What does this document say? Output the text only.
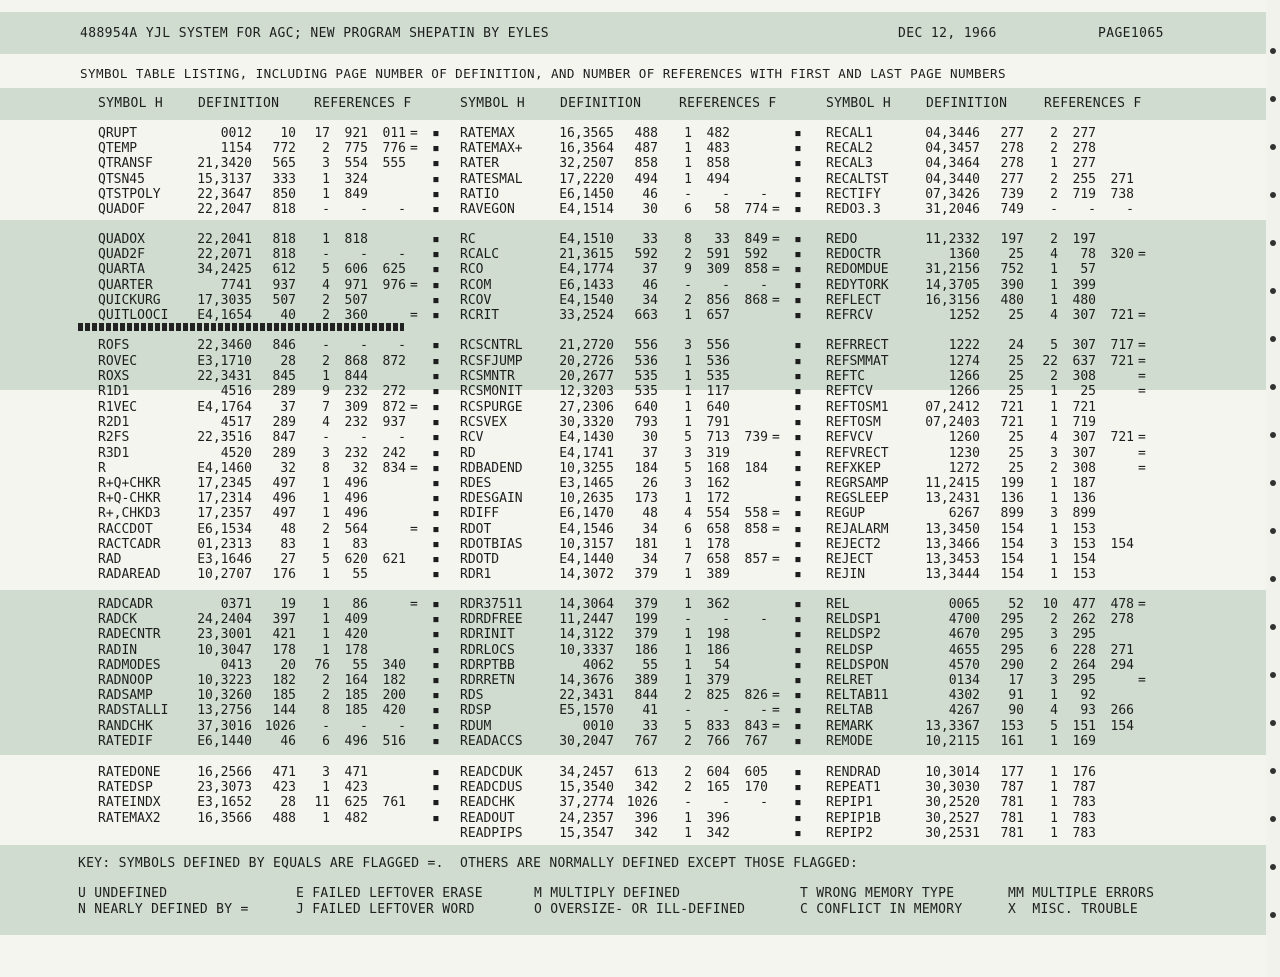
488954A YJL SYSTEM FOR AGC; NEW PROGRAM SHEPATIN BY EYLES	DEC 12, 1966	PAGE1065
SYMBOL TABLE LISTING, INCLUDING PAGE NUMBER OF DEFINITION, AND NUMBER OF REFERENCES WITH FIRST AND LAST PAGE NUMBERS
SYMBOL H	DEFINITION	REFERENCES F	SYMBOL H	DEFINITION	REFERENCES F	SYMBOL H	DEFINITION	REFERENCES F
QRUPT	0012	10	17	921	011 =	▪
QTEMP	1154	772	2	775	776 =	▪
QTRANSF	21,3420	565	3	554	555 ▪
QTSN45	15,3137	333	1	324	▪
QTSTPOLY	22,3647	850	1	849	▪
QUADOF	22,2047	818	-	-	- ▪
QUADOX	22,2041	818	1	818	▪
QUAD2F	22,2071	818	-	-	- ▪
QUARTA	34,2425	612	5	606	625 ▪
QUARTER	7741	937	4	971	976 =	▪
QUICKURG	17,3035	507	2	507	▪
QUITLOOCI	E4,1654	40	2	360	=	▪
ROFS	22,3460	846	-	-	- ▪
ROVEC	E3,1710	28	2	868	872 ▪
ROXS	22,3431	845	1	844	▪
R1D1	4516	289	9	232	272 ▪
R1VEC	E4,1764	37	7	309	872 =	▪
R2D1	4517	289	4	232	937 ▪
R2FS	22,3516	847	-	-	- ▪
R3D1	4520	289	3	232	242 ▪
R	E4,1460	32	8	32	834 =	▪
R+Q+CHKR	17,2345	497	1	496	▪
R+Q-CHKR	17,2314	496	1	496	▪
R+,CHKD3	17,2357	497	1	496	▪
RACCDOT	E6,1534	48	2	564	=	▪
RACTCADR	01,2313	83	1	83	▪
RAD	E3,1646	27	5	620	621 ▪
RADAREAD	10,2707	176	1	55	▪
RADCADR	0371	19	1	86	=	▪
RADCK	24,2404	397	1	409	▪
RADECNTR	23,3001	421	1	420	▪
RADIN	10,3047	178	1	178	▪
RADMODES	0413	20	76	55	340 ▪
RADNOOP	10,3223	182	2	164	182 ▪
RADSAMP	10,3260	185	2	185	200 ▪
RADSTALLI	13,2756	144	8	185	420 ▪
RANDCHK	37,3016 1026	-	-	- ▪
RATEDIF	E6,1440	46	6	496	516 ▪
RATEDONE	16,2566	471	3	471	▪
RATEDSP	23,3073	423	1	423	▪
RATEINDX	E3,1652	28	11	625	761 ▪
RATEMAX2	16,3566	488	1	482	▪
RATEMAX	16,3565	488	1	482	▪
RATEMAX+	16,3564	487	1	483	▪
RATER	32,2507	858	1	858	▪
RATESMAL	17,2220	494	1	494	▪
RATIO	E6,1450	46	-	-	- ▪
RAVEGON	E4,1514	30	6	58	774 =	▪
RC	E4,1510	33	8	33	849 =	▪
RCALC	21,3615	592	2	591	592 ▪
RCO	E4,1774	37	9	309	858 =	▪
RCOM	E6,1433	46	-	-	- ▪
RCOV	E4,1540	34	2	856	868 =	▪
RCRIT	33,2524	663	1	657	▪
RCSCNTRL	21,2720	556	3	556	▪
RCSFJUMP	20,2726	536	1	536	▪
RCSMNTR	20,2677	535	1	535	▪
RCSMONIT	12,3203	535	1	117	▪
RCSPURGE	27,2306	640	1	640	▪
RCSVEX	30,3320	793	1	791	▪
RCV	E4,1430	30	5	713	739 =	▪
RD	E4,1741	37	3	319	▪
RDBADEND	10,3255	184	5	168	184 ▪
RDES	E3,1465	26	3	162	▪
RDESGAIN	10,2635	173	1	172	▪
RDIFF	E6,1470	48	4	554	558 =	▪
RDOT	E4,1546	34	6	658	858 =	▪
RDOTBIAS	10,3157	181	1	178	▪
RDOTD	E4,1440	34	7	658	857 =	▪
RDR1	14,3072	379	1	389	▪
RDR37511	14,3064	379	1	362	▪
RDRDFREE	11,2447	199	-	-	- ▪
RDRINIT	14,3122	379	1	198	▪
RDRLOCS	10,3337	186	1	186	▪
RDRPTBB	4062	55	1	54	▪
RDRRETN	14,3676	389	1	379	▪
RDS	22,3431	844	2	825	826 =	▪
RDSP	E5,1570	41	-	-	- =	▪
RDUM	0010	33	5	833	843 =	▪
READACCS	30,2047	767	2	766	767 ▪
READCDUK	34,2457	613	2	604	605 ▪
READCDUS	15,3540	342	2	165	170 ▪
READCHK	37,2774 1026	-	-	- ▪
READOUT	24,2357	396	1	396	▪
READPIPS	15,3547	342	1	342	▪
RECAL1	04,3446	277	2	277
RECAL2	04,3457	278	2	278
RECAL3	04,3464	278	1	277
RECALTST	04,3440	277	2	255	271
RECTIFY	07,3426	739	2	719	738
REDO3.3	31,2046	749	-	-	-
REDO	11,2332	197	2	197
REDOCTR	1360	25	4	78	320 =
REDOMDUE	31,2156	752	1	57
REDYTORK	14,3705	390	1	399
REFLECT	16,3156	480	1	480
REFRCV	1252	25	4	307	721 =
REFRRECT	1222	24	5	307	717 =
REFSMMAT	1274	25	22	637	721 =
REFTC	1266	25	2	308	=
REFTCV	1266	25	1	25	=
REFTOSM1	07,2412	721	1	721
REFTOSM	07,2403	721	1	719
REFVCV	1260	25	4	307	721 =
REFVRECT	1230	25	3	307	=
REFXKEP	1272	25	2	308	=
REGRSAMP	11,2415	199	1	187
REGSLEEP	13,2431	136	1	136
REGUP	6267	899	3	899
REJALARM	13,3450	154	1	153
REJECT2	13,3466	154	3	153	154
REJECT	13,3453	154	1	154
REJIN	13,3444	154	1	153
REL	0065	52	10	477	478 =
RELDSP1	4700	295	2	262	278
RELDSP2	4670	295	3	295
RELDSP	4655	295	6	228	271
RELDSPON	4570	290	2	264	294
RELRET	0134	17	3	295	=
RELTAB11	4302	91	1	92
RELTAB	4267	90	4	93	266
REMARK	13,3367	153	5	151	154
REMODE	10,2115	161	1	169
RENDRAD	10,3014	177	1	176
REPEAT1	30,3030	787	1	787
REPIP1	30,2520	781	1	783
REPIP1B	30,2527	781	1	783
REPIP2	30,2531	781	1	783
KEY: SYMBOLS DEFINED BY EQUALS ARE FLAGGED =.  OTHERS ARE NORMALLY DEFINED EXCEPT THOSE FLAGGED:
U UNDEFINED
N NEARLY DEFINED BY =
E FAILED LEFTOVER ERASE
J FAILED LEFTOVER WORD
M MULTIPLY DEFINED
O OVERSIZE- OR ILL-DEFINED
T WRONG MEMORY TYPE
C CONFLICT IN MEMORY
MM MULTIPLE ERRORS
X  MISC. TROUBLE
